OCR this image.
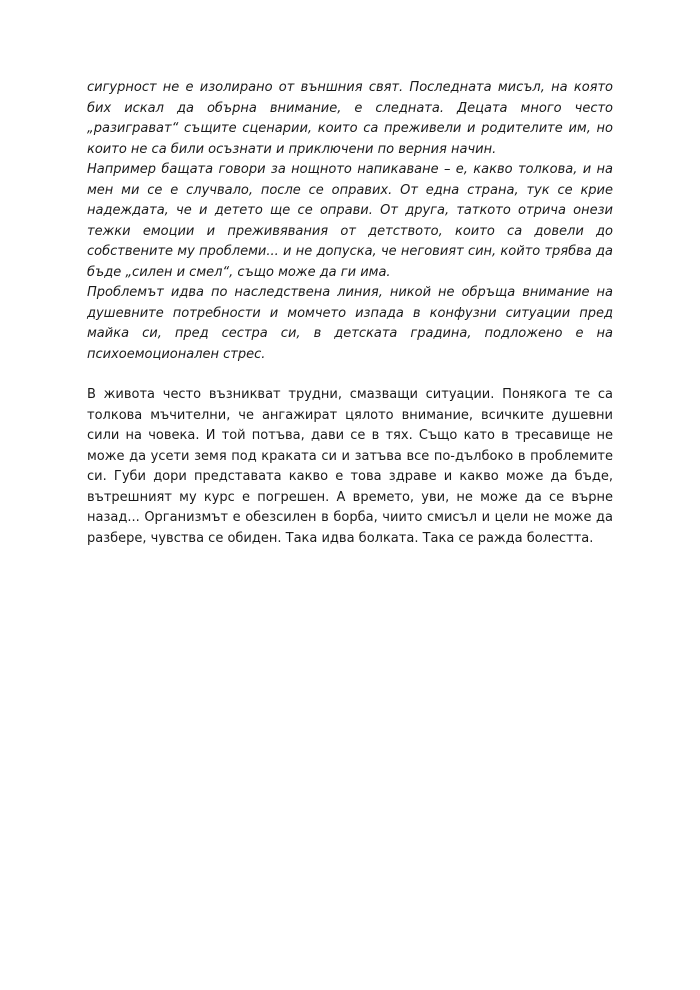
сигурност не е изолирано от външния свят. Последната мисъл, на която бих искал да обърна внимание, е следната. Децата много често „разиграват“ същите сценарии, които са преживели и родителите им, но които не са били осъзнати и приключени по верния начин.

Например бащата говори за нощното напикаване – е, какво толкова, и на мен ми се е случвало, после се оправих. От една страна, тук се крие надеждата, че и детето ще се оправи. От друга, таткото отрича онези тежки емоции и преживявания от детството, които са довели до собствените му проблеми... и не допуска, че неговият син, който трябва да бъде „силен и смел“, също може да ги има.

Проблемът идва по наследствена линия, никой не обръща внимание на душевните потребности и момчето изпада в конфузни ситуации пред майка си, пред сестра си, в детската градина, подложено е на психоемоционален стрес.

В живота често възникват трудни, смазващи ситуации. Понякога те са толкова мъчителни, че ангажират цялото внимание, всичките душевни сили на човека. И той потъва, дави се в тях. Също като в тресавище не може да усети земя под краката си и затъва все по-дълбоко в проблемите си. Губи дори представата какво е това здраве и какво може да бъде, вътрешният му курс е погрешен. А времето, уви, не може да се върне назад... Организмът е обезсилен в борба, чиито смисъл и цели не може да разбере, чувства се обиден. Така идва болката. Така се ражда болестта.
